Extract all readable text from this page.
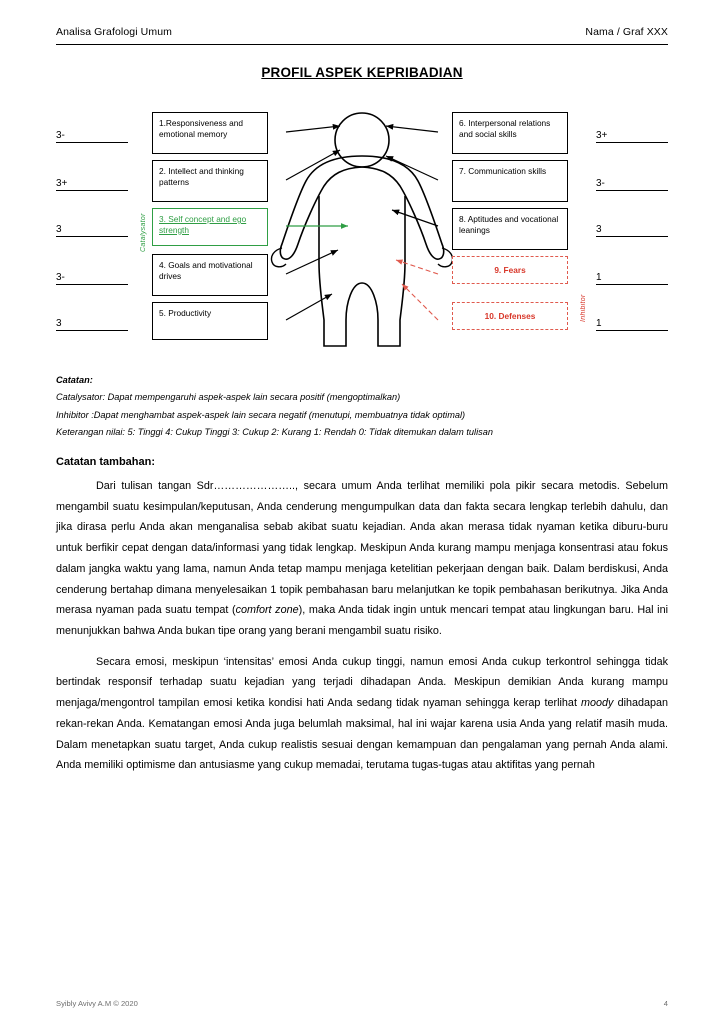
Analisa Grafologi Umum	Nama / Graf XXX
PROFIL ASPEK KEPRIBADIAN
3-
3+
3
3-
3
1.Responsiveness and emotional memory
2. Intellect and thinking patterns
3. Self concept and ego strength
4. Goals and motivational drives
5. Productivity
Catalysator
6. Interpersonal relations and social skills
7. Communication skills
8. Aptitudes and vocational leanings
9. Fears
10. Defenses	Inhibitor
3+
3-
3
1
1
Catatan:
Catalysator: Dapat mempengaruhi aspek-aspek lain secara positif (mengoptimalkan)
Inhibitor :Dapat menghambat aspek-aspek lain secara negatif (menutupi, membuatnya tidak optimal)
Keterangan nilai: 5: Tinggi 4: Cukup Tinggi 3: Cukup 2: Kurang 1: Rendah 0: Tidak ditemukan dalam tulisan
Catatan tambahan:

Dari tulisan tangan Sdr………………….., secara umum Anda terlihat memiliki pola pikir secara metodis. Sebelum mengambil suatu kesimpulan/keputusan, Anda cenderung mengumpulkan data dan fakta secara lengkap terlebih dahulu, dan jika dirasa perlu Anda akan menganalisa sebab akibat suatu kejadian. Anda akan merasa tidak nyaman ketika diburu-buru untuk berfikir cepat dengan data/informasi yang tidak lengkap. Meskipun Anda kurang mampu menjaga konsentrasi atau fokus dalam jangka waktu yang lama, namun Anda tetap mampu menjaga ketelitian pekerjaan dengan baik. Dalam berdiskusi, Anda cenderung bertahap dimana menyelesaikan 1 topik pembahasan baru melanjutkan ke topik pembahasan berikutnya. Jika Anda merasa nyaman pada suatu tempat (comfort zone), maka Anda tidak ingin untuk mencari tempat atau lingkungan baru. Hal ini menunjukkan bahwa Anda bukan tipe orang yang berani mengambil suatu risiko.

Secara emosi, meskipun ‘intensitas’ emosi Anda cukup tinggi, namun emosi Anda cukup terkontrol sehingga tidak bertindak responsif terhadap suatu kejadian yang terjadi dihadapan Anda. Meskipun demikian Anda kurang mampu menjaga/mengontrol tampilan emosi ketika kondisi hati Anda sedang tidak nyaman sehingga kerap terlihat moody dihadapan rekan-rekan Anda. Kematangan emosi Anda juga belumlah maksimal, hal ini wajar karena usia Anda yang relatif masih muda. Dalam menetapkan suatu target, Anda cukup realistis sesuai dengan kemampuan dan pengalaman yang pernah Anda alami. Anda memiliki optimisme dan antusiasme yang cukup memadai, terutama tugas-tugas atau aktifitas yang pernah

Syibly Avivy A.M © 2020	4
